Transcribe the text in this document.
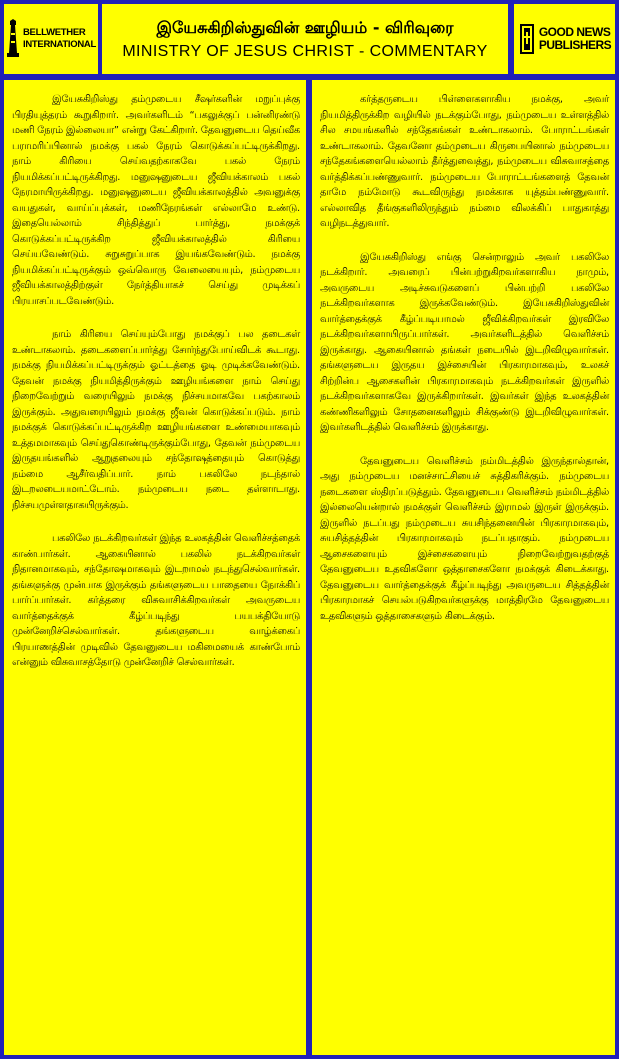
BELLWETHER
INTERNATIONAL
இயேசுகிறிஸ்துவின் ஊழியம் - விரிவுரை
MINISTRY OF JESUS CHRIST - COMMENTARY
GOOD NEWS
PUBLISHERS

இயேசுகிறிஸ்து தம்முடைய சீஷர்களின் மறுப்புக்கு பிரதியுத்தரம் கூறுகிறார். அவர்களிடம் “பகலுக்குப் பன்னிரண்டு மணி நேரம் இல்லையா” என்று கேட்கிறார். தேவனுடைய தெய்வீக பராமரிப்பினால் நமக்கு பகல் நேரம் கொடுக்கப்பட்டிருக்கிறது. நாம் கிரியை செய்வதற்காகவே பகல் நேரம் நியமிக்கப்பட்டிருக்கிறது. மனுஷனுடைய ஜீவியக்காலம் பகல் நேரமாயிருக்கிறது. மனுஷனுடைய ஜீவியக்காலத்தில் அவனுக்கு வயதுகள், வாய்ப்புக்கள், மணிநேரங்கள் எல்லாமே உண்டு. இதையெல்லாம் சிந்தித்துப் பார்த்து, நமக்குக் கொடுக்கப்பட்டிருக்கிற ஜீவியக்காலத்தில் கிரியை செய்யவேண்டும். சுறுசுறுப்பாக இயங்கவேண்டும். நமக்கு நியமிக்கப்பட்டிருக்கும் ஒவ்வொரு வேலையையும், நம்முடைய ஜீவியக்காலத்திற்குள் நேர்த்தியாகச் செய்து முடிக்கப் பிரயாசப்படவேண்டும்.

நாம் கிரியை செய்யும்போது நமக்குப் பல தடைகள் உண்டாகலாம். தடைகளைப்பார்த்து சோர்ந்துபோய்விடக் கூடாது. நமக்கு நியமிக்கப்பட்டிருக்கும் ஓட்டத்தை ஓடி முடிக்கவேண்டும். தேவன் நமக்கு நியமித்திருக்கும் ஊழியங்களை நாம் செய்து நிறைவேற்றும் வரையிலும் நமக்கு நிச்சயமாகவே பகற்காலம் இருக்கும். அதுவரையிலும் நமக்கு ஜீவன் கொடுக்கப்படும். நாம் நமக்குக் கொடுக்கப்பட்டிருக்கிற ஊழியங்களை உண்மையாகவும் உத்தமமாகவும் செய்துகொண்டிருக்கும்போது, தேவன் நம்முடைய இருதயங்களில் ஆறுதலையும் சந்தோஷத்தையும் கொடுத்து நம்மை ஆசீர்வதிப்பார். நாம் பகலிலே நடந்தால் இடறலடையமாட்டோம். நம்முடைய நடை தள்ளாடாது. நிச்சயமுள்ளதாகயிருக்கும்.

பகலிலே நடக்கிறவர்கள் இந்த உலகத்தின் வெளிச்சத்தைக் காண்பார்கள். ஆகையினால் பகலில் நடக்கிறவர்கள் நிதானமாகவும், சந்தோஷமாகவும் இடறாமல் நடந்துசெல்வார்கள். தங்களுக்கு முன்பாக இருக்கும் தங்களுடைய பாதையை நோக்கிப் பார்ப்பார்கள். கர்த்தரை விசுவாசிக்கிறவர்கள் அவருடைய வார்த்தைக்குக் கீழ்ப்படிந்து பயபக்தியோடு முன்னேறிச்செல்வார்கள். தங்களுடைய வாழ்க்கைப் பிரயாணத்தின் முடிவில் தேவனுடைய மகிமையைக் காண்போம் என்னும் விசுவாசத்தோடு முன்னேறிச் செல்வார்கள்.

கர்த்தருடைய பிள்ளைகளாகிய நமக்கு, அவர் நியமித்திருக்கிற வழியில் நடக்கும்போது, நம்முடைய உள்ளத்தில் சில சமயங்களில் சந்தேகங்கள் உண்டாகலாம். போராட்டங்கள் உண்டாகலாம். தேவனோ தம்முடைய கிருபையினால் நம்முடைய சந்தேகங்களையெல்லாம் தீர்த்துவைத்து, நம்முடைய விசுவாசத்தை வர்த்திக்கப்பண்ணுவார். நம்முடைய போராட்டங்களைத் தேவன் தாமே நம்மோடு கூடவிருந்து நமக்காக யுத்தம்பண்ணுவார். எல்லாவித தீங்குகளிலிருந்தும் நம்மை விலக்கிப் பாதுகாத்து வழிநடத்துவார்.

இயேசுகிறிஸ்து எங்கு சென்றாலும் அவர் பகலிலே நடக்கிறார். அவரைப் பின்பற்றுகிறவர்களாகிய நாமும், அவருடைய அடிச்சுவடுகளைப் பின்பற்றி பகலிலே நடக்கிறவர்களாக இருக்கவேண்டும். இயேசுகிறிஸ்துவின் வார்த்தைக்குக் கீழ்ப்படியாமல் ஜீவிக்கிறவர்கள் இரவிலே நடக்கிறவர்களாயிருப்பார்கள். அவர்களிடத்தில் வெளிச்சம் இருக்காது. ஆகையினால் தங்கள் நடையில் இடறிவிழுவார்கள். தங்களுடைய இருதய இச்சையின் பிரகாரமாகவும், உலகச் சிற்றின்ப ஆசைகளின் பிரகாரமாகவும் நடக்கிறவர்கள் இருளில் நடக்கிறவர்களாகவே இருக்கிறார்கள். இவர்கள் இந்த உலகத்தின் கண்ணிகளிலும் சோதனைகளிலும் சிக்குண்டு இடறிவிழுவார்கள். இவர்களிடத்தில் வெளிச்சம் இருக்காது.

தேவனுடைய வெளிச்சம் நம்மிடத்தில் இருந்தால்தான், அது நம்முடைய மனச்சாட்சியைச் சுத்திகரிக்கும். நம்முடைய நடைகளை ஸ்திரப்படுத்தும். தேவனுடைய வெளிச்சம் நம்மிடத்தில் இல்லையென்றால் நமக்குள் வெளிச்சம் இராமல் இருள் இருக்கும். இருளில் நடப்பது நம்முடைய சுயசிந்தனையின் பிரகாரமாகவும், சுயசித்தத்தின் பிரகாரமாகவும் நடப்பதாகும். நம்முடைய ஆசைகளையும் இச்சைகளையும் நிறைவேற்றுவதற்குத் தேவனுடைய உதவிகளோ ஒத்தாசைகளோ நமக்குக் கிடைக்காது. தேவனுடைய வார்த்தைக்குக் கீழ்ப்படிந்து அவருடைய சித்தத்தின் பிரகாரமாகச் செயல்படுகிறவர்களுக்கு மாத்திரமே தேவனுடைய உதவிகளும் ஒத்தாசைகளும் கிடைக்கும்.
